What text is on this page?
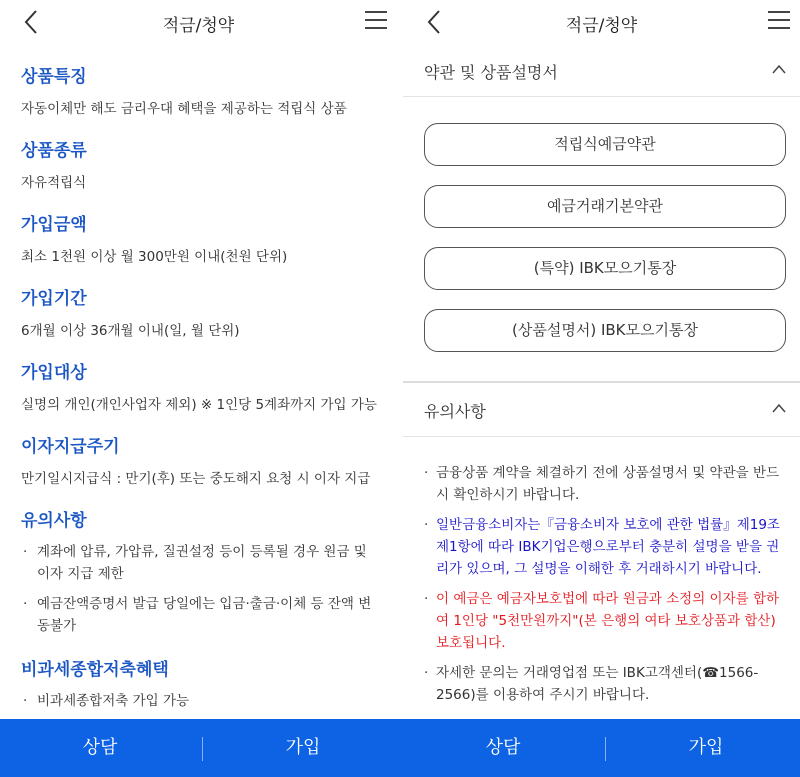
적금/청약
상품특징
자동이체만 해도 금리우대 혜택을 제공하는 적립식 상품
상품종류
자유적립식
가입금액
최소 1천원 이상 월 300만원 이내(천원 단위)
가입기간
6개월 이상 36개월 이내(일, 월 단위)
가입대상
실명의 개인(개인사업자 제외) ※ 1인당 5계좌까지 가입 가능
이자지급주기
만기일시지급식 : 만기(후) 또는 중도해지 요청 시 이자 지급
유의사항
· 계좌에 압류, 가압류, 질권설정 등이 등록될 경우 원금 및 이자 지급 제한
· 예금잔액증명서 발급 당일에는 입금·출금·이체 등 잔액 변동불가
비과세종합저축혜택
· 비과세종합저축 가입 가능
·
적금/청약
약관 및 상품설명서
적립식예금약관
예금거래기본약관
(특약) IBK모으기통장
(상품설명서) IBK모으기통장
유의사항
· 금융상품 계약을 체결하기 전에 상품설명서 및 약관을 반드시 확인하시기 바랍니다.
· 일반금융소비자는『금융소비자 보호에 관한 법률』제19조 제1항에 따라 IBK기업은행으로부터 충분히 설명을 받을 권리가 있으며, 그 설명을 이해한 후 거래하시기 바랍니다.
· 이 예금은 예금자보호법에 따라 원금과 소정의 이자를 합하여 1인당 "5천만원까지"(본 은행의 여타 보호상품과 합산) 보호됩니다.
· 자세한 문의는 거래영업점 또는 IBK고객센터(☎1566-2566)를 이용하여 주시기 바랍니다.
상담	가입	상담	가입
